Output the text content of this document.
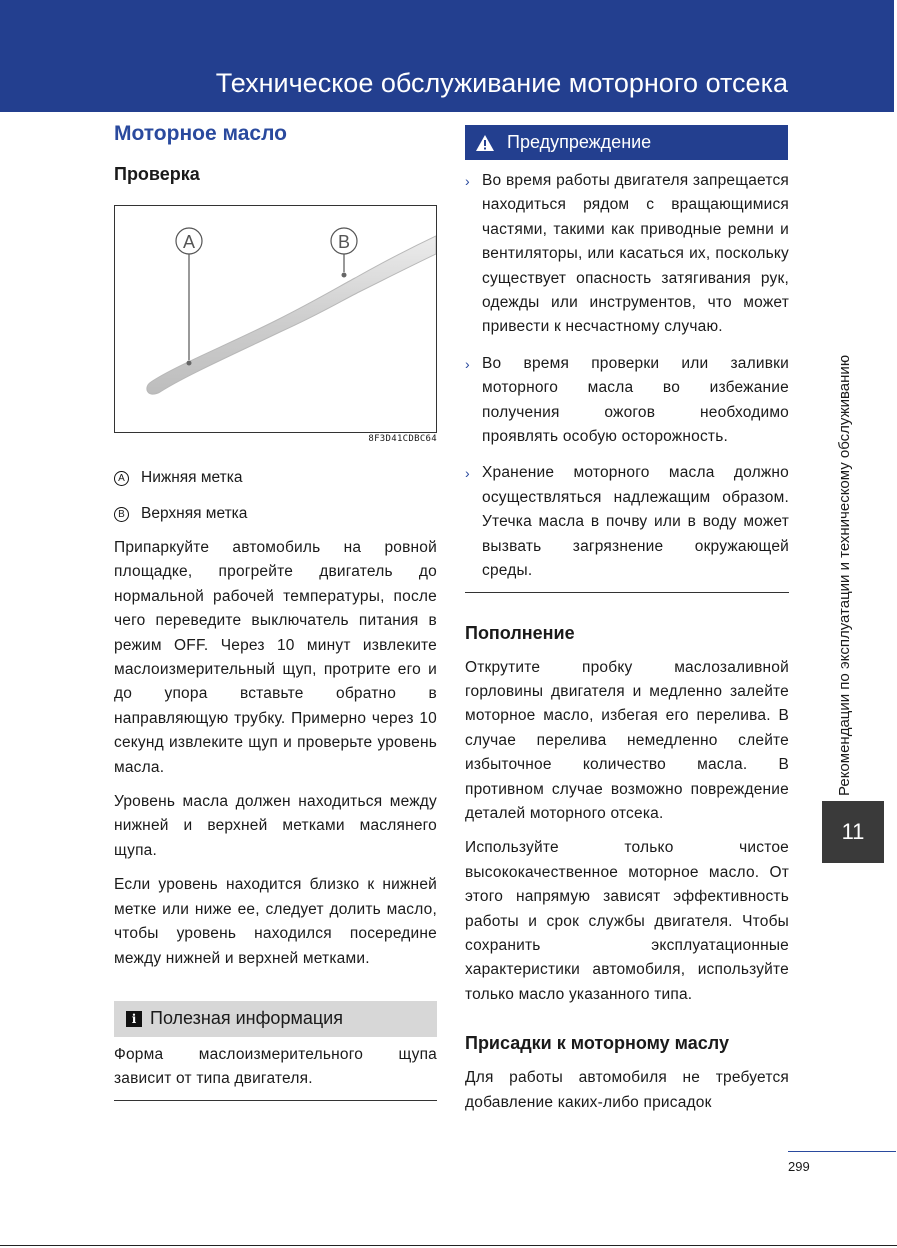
Техническое обслуживание моторного отсека
Моторное масло
Проверка
A	B
8F3D41CDBC64
A Нижняя метка
B Верхняя метка

Припаркуйте автомобиль на ровной площадке, прогрейте двигатель до нормальной рабочей температуры, после чего переведите выключатель питания в режим OFF. Через 10 минут извлеките маслоизмерительный щуп, протрите его и до упора вставьте обратно в направляющую трубку. Примерно через 10 секунд извлеките щуп и проверьте уровень масла.

Уровень масла должен находиться между нижней и верхней метками маслянего щупа.

Если уровень находится близко к нижней метке или ниже ее, следует долить масло, чтобы уровень находился посередине между нижней и верхней метками.

i Полезная информация

Форма маслоизмерительного щупа зависит от типа двигателя.

Предупреждение
› Во время работы двигателя запрещается находиться рядом с вращающимися частями, такими как приводные ремни и вентиляторы, или касаться их, поскольку существует опасность затягивания рук, одежды или инструментов, что может привести к несчастному случаю.
› Во время проверки или заливки моторного масла во избежание получения ожогов необходимо проявлять особую осторожность.
› Хранение моторного масла должно осуществляться надлежащим образом. Утечка масла в почву или в воду может вызвать загрязнение окружающей среды.
Пополнение

Открутите пробку маслозаливной горловины двигателя и медленно залейте моторное масло, избегая его перелива. В случае перелива немедленно слейте избыточное количество масла. В противном случае возможно повреждение деталей моторного отсека.

Используйте только чистое высококачественное моторное масло. От этого напрямую зависят эффективность работы и срок службы двигателя. Чтобы сохранить эксплуатационные характеристики автомобиля, используйте только масло указанного типа.

Присадки к моторному маслу

Для работы автомобиля не требуется добавление каких-либо присадок

Рекомендации по эксплуатации и техническому обслуживанию
11
299
